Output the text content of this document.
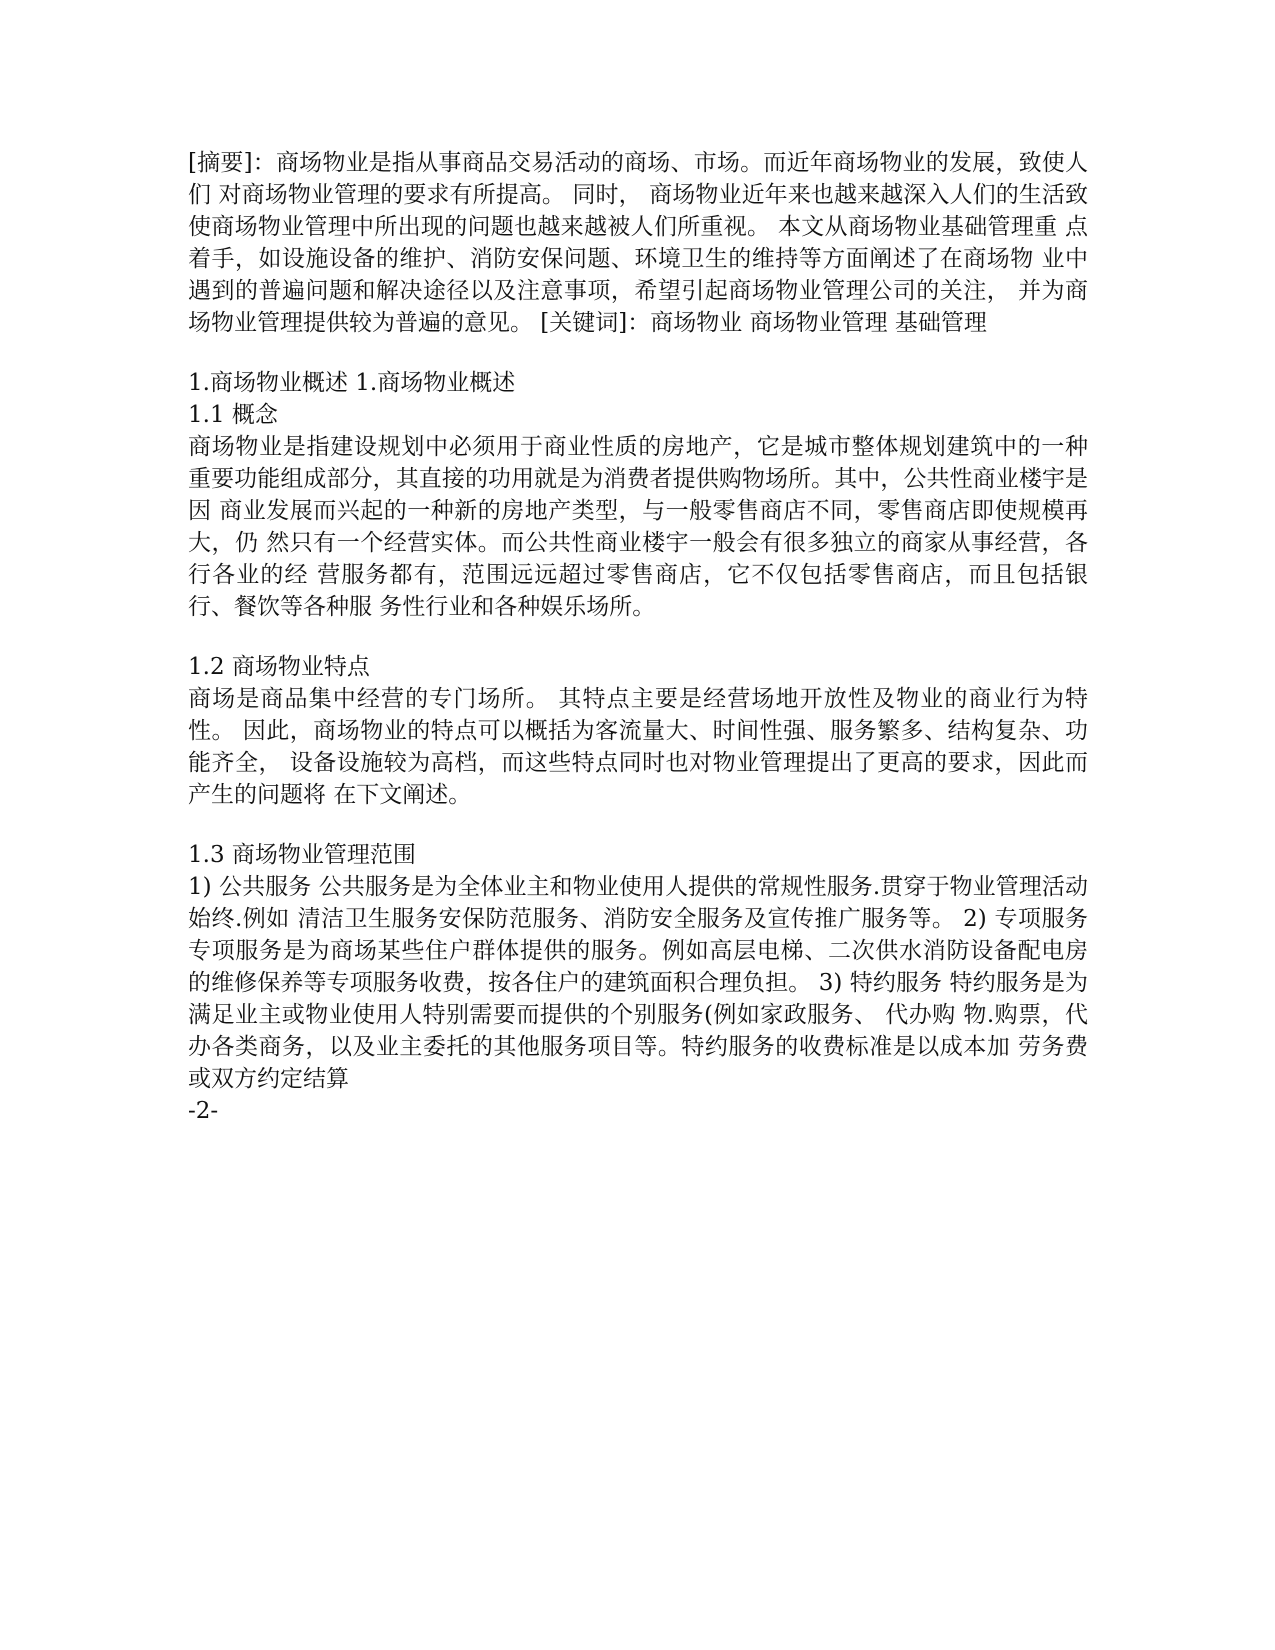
[摘要]：商场物业是指从事商品交易活动的商场、市场。而近年商场物业的发展，致使人们 对商场物业管理的要求有所提高。 同时， 商场物业近年来也越来越深入人们的生活致 使商场物业管理中所出现的问题也越来越被人们所重视。 本文从商场物业基础管理重 点着手，如设施设备的维护、消防安保问题、环境卫生的维持等方面阐述了在商场物 业中遇到的普遍问题和解决途径以及注意事项，希望引起商场物业管理公司的关注， 并为商场物业管理提供较为普遍的意见。 [关键词]：商场物业 商场物业管理 基础管理

1.商场物业概述 1.商场物业概述

1.1 概念

商场物业是指建设规划中必须用于商业性质的房地产，它是城市整体规划建筑中的一种 重要功能组成部分，其直接的功用就是为消费者提供购物场所。其中，公共性商业楼宇是因 商业发展而兴起的一种新的房地产类型，与一般零售商店不同，零售商店即使规模再大，仍 然只有一个经营实体。而公共性商业楼宇一般会有很多独立的商家从事经营，各行各业的经 营服务都有，范围远远超过零售商店，它不仅包括零售商店，而且包括银行、餐饮等各种服 务性行业和各种娱乐场所。

1.2 商场物业特点

商场是商品集中经营的专门场所。 其特点主要是经营场地开放性及物业的商业行为特性。 因此，商场物业的特点可以概括为客流量大、时间性强、服务繁多、结构复杂、功能齐全， 设备设施较为高档，而这些特点同时也对物业管理提出了更高的要求，因此而产生的问题将 在下文阐述。

1.3 商场物业管理范围

1) 公共服务 公共服务是为全体业主和物业使用人提供的常规性服务.贯穿于物业管理活动始终.例如 清洁卫生服务安保防范服务、消防安全服务及宣传推广服务等。 2) 专项服务 专项服务是为商场某些住户群体提供的服务。例如高层电梯、二次供水消防设备配电房 的维修保养等专项服务收费，按各住户的建筑面积合理负担。 3) 特约服务 特约服务是为满足业主或物业使用人特别需要而提供的个别服务(例如家政服务、 代办购 物.购票，代办各类商务，以及业主委托的其他服务项目等。特约服务的收费标准是以成本加 劳务费或双方约定结算

-2-
